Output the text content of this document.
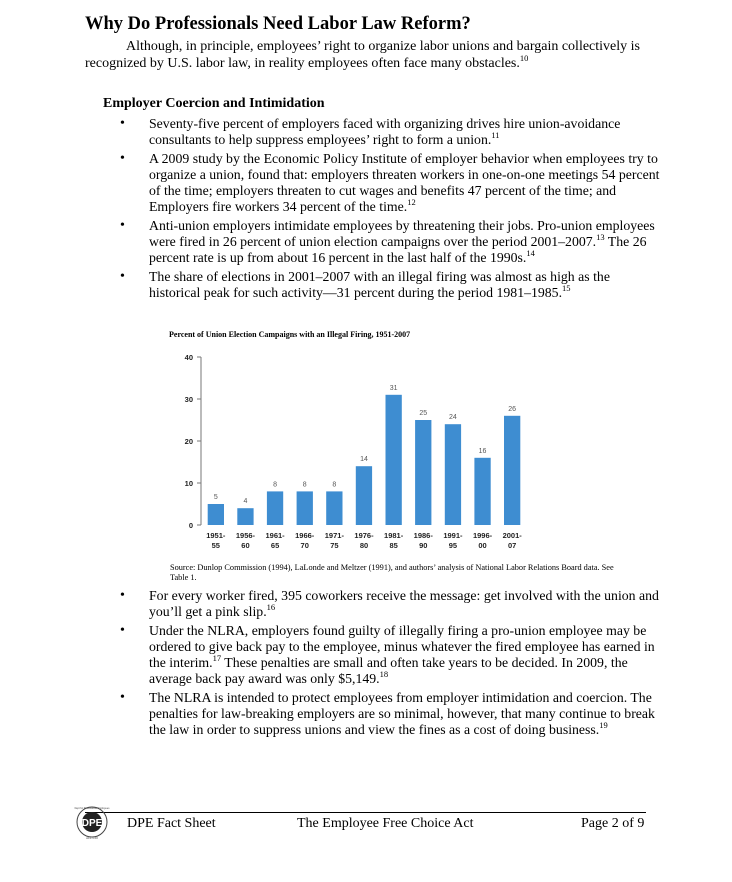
Why Do Professionals Need Labor Law Reform?

Although, in principle, employees’ right to organize labor unions and bargain collectively is recognized by U.S. labor law, in reality employees often face many obstacles.$^{10}$

Employer Coercion and Intimidation
• Seventy-five percent of employers faced with organizing drives hire union-avoidance consultants to help suppress employees’ right to form a union.$^{11}$
• A 2009 study by the Economic Policy Institute of employer behavior when employees try to organize a union, found that: employers threaten workers in one-on-one meetings 54 percent of the time; employers threaten to cut wages and benefits 47 percent of the time; and Employers fire workers 34 percent of the time.$^{12}$
• Anti-union employers intimidate employees by threatening their jobs. Pro-union employees were fired in 26 percent of union election campaigns over the period 2001–2007.13 The 26 percent rate is up from about 16 percent in the last half of the 1990s.$^{14}$
• The share of elections in 2001–2007 with an illegal firing was almost as high as the historical peak for such activity—31 percent during the period 1981–1985.15
Percent of Union Election Campaigns with an Illegal Firing, 1951-2007
0
10
20
30
40
5
1951-
55
4
1956-
60
8
1961-
65
8
1966-
70
8
1971-
75
14
1976-
80
31
1981-
85
25
1986-
90
24
1991-
95
16
1996-
00
26
2001-
07

Source: Dunlop Commission (1994), LaLonde and Meltzer (1991), and authors’ analysis of National Labor Relations Board data. See Table 1.

• For every worker fired, 395 coworkers receive the message: get involved with the union and you’ll get a pink slip.$^{16}$
• Under the NLRA, employers found guilty of illegally firing a pro-union employee may be ordered to give back pay to the employee, minus whatever the fired employee has earned in the interim.$^{17}$ These penalties are small and often take years to be decided. In 2009, the average back pay award was only $5,149.18
• The NLRA is intended to protect employees from employer intimidation and coercion. The penalties for law-breaking employers are so minimal, however, that many continue to break the law in order to suppress unions and view the fines as a cost of doing business.$^{19}$
DPE
Dept for Professional Employees
AFL-CIO
DPE Fact Sheet	The Employee Free Choice Act	Page 2 of 9
